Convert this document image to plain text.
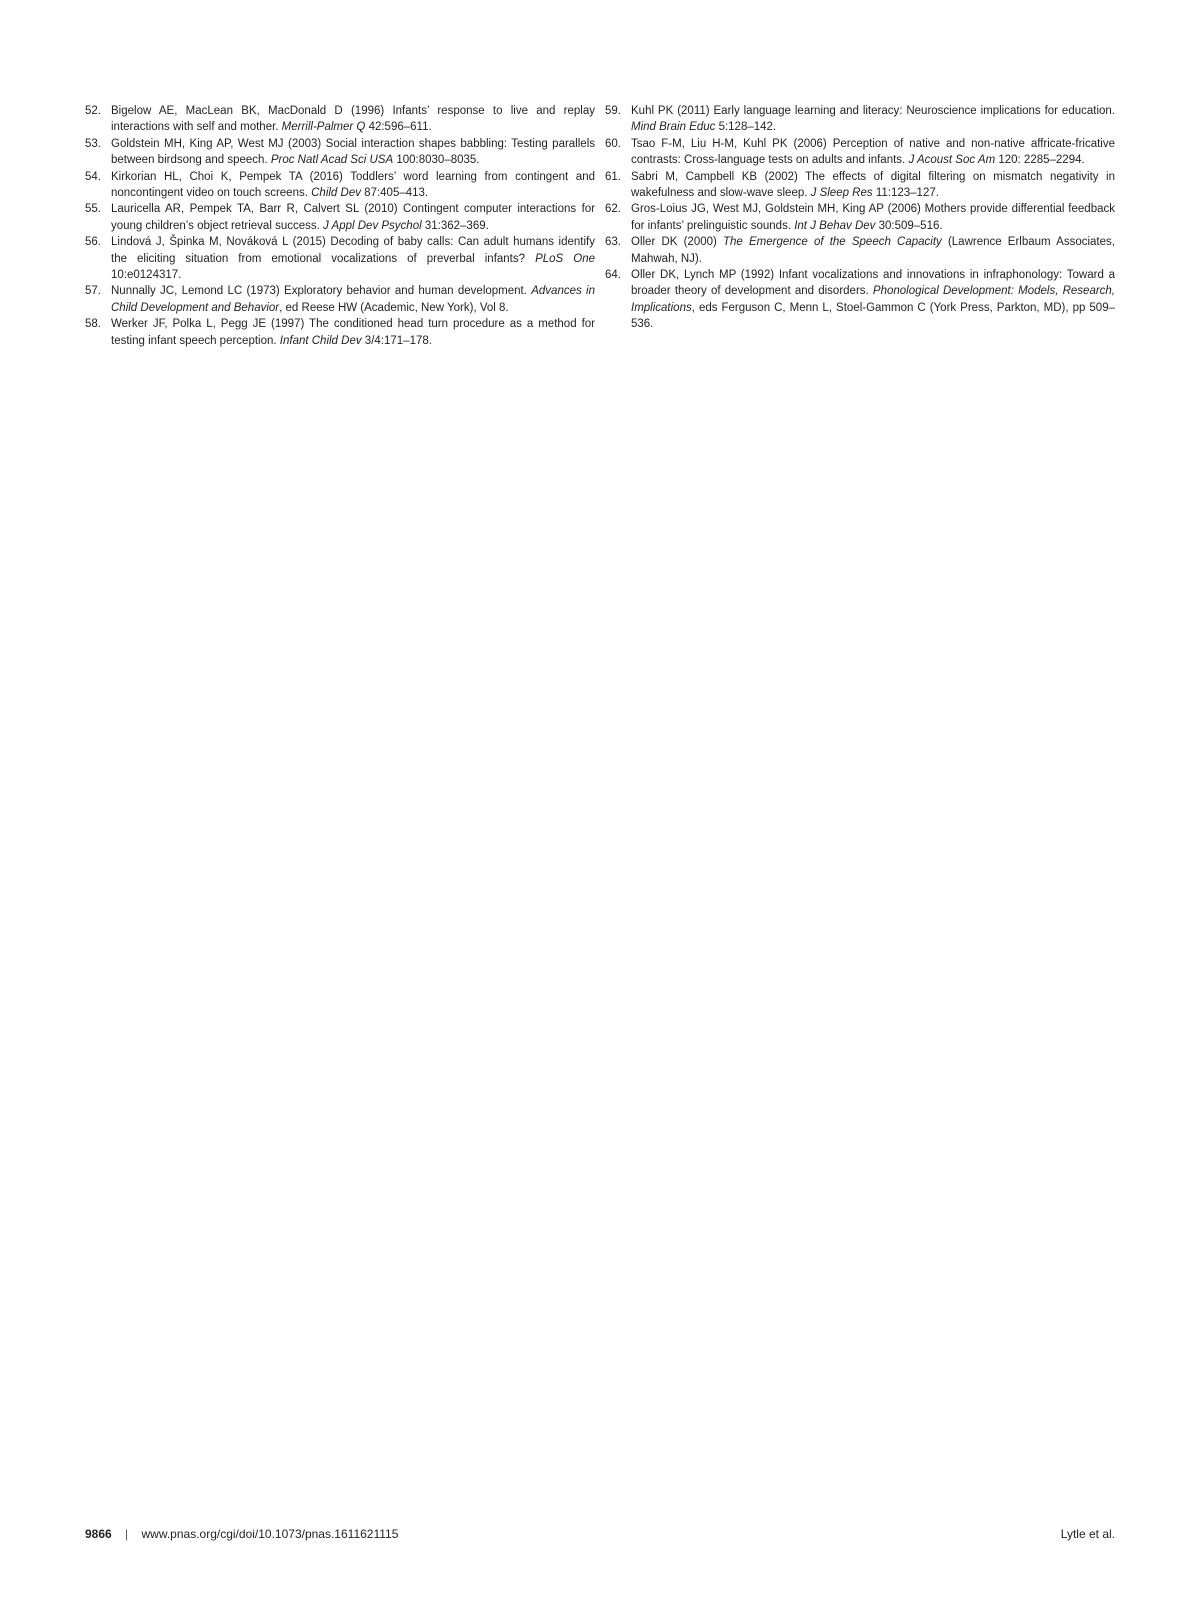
52. Bigelow AE, MacLean BK, MacDonald D (1996) Infants’ response to live and replay interactions with self and mother. Merrill-Palmer Q 42:596–611.
53. Goldstein MH, King AP, West MJ (2003) Social interaction shapes babbling: Testing parallels between birdsong and speech. Proc Natl Acad Sci USA 100:8030–8035.
54. Kirkorian HL, Choi K, Pempek TA (2016) Toddlers’ word learning from contingent and noncontingent video on touch screens. Child Dev 87:405–413.
55. Lauricella AR, Pempek TA, Barr R, Calvert SL (2010) Contingent computer interactions for young children’s object retrieval success. J Appl Dev Psychol 31:362–369.
56. Lindová J, Špinka M, Nováková L (2015) Decoding of baby calls: Can adult humans identify the eliciting situation from emotional vocalizations of preverbal infants? PLoS One 10:e0124317.
57. Nunnally JC, Lemond LC (1973) Exploratory behavior and human development. Advances in Child Development and Behavior, ed Reese HW (Academic, New York), Vol 8.
58. Werker JF, Polka L, Pegg JE (1997) The conditioned head turn procedure as a method for testing infant speech perception. Infant Child Dev 3/4:171–178.
59. Kuhl PK (2011) Early language learning and literacy: Neuroscience implications for education. Mind Brain Educ 5:128–142.
60. Tsao F-M, Liu H-M, Kuhl PK (2006) Perception of native and non-native affricate-fricative contrasts: Cross-language tests on adults and infants. J Acoust Soc Am 120: 2285–2294.
61. Sabri M, Campbell KB (2002) The effects of digital filtering on mismatch negativity in wakefulness and slow-wave sleep. J Sleep Res 11:123–127.
62. Gros-Loius JG, West MJ, Goldstein MH, King AP (2006) Mothers provide differential feedback for infants’ prelinguistic sounds. Int J Behav Dev 30:509–516.
63. Oller DK (2000) The Emergence of the Speech Capacity (Lawrence Erlbaum Associates, Mahwah, NJ).
64. Oller DK, Lynch MP (1992) Infant vocalizations and innovations in infraphonology: Toward a broader theory of development and disorders. Phonological Development: Models, Research, Implications, eds Ferguson C, Menn L, Stoel-Gammon C (York Press, Parkton, MD), pp 509–536.
9866 | www.pnas.org/cgi/doi/10.1073/pnas.1611621115	Lytle et al.
